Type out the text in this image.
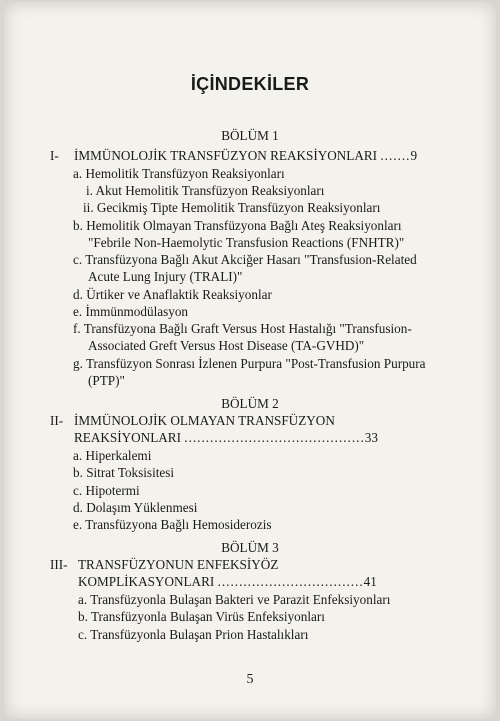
İÇİNDEKİLER
BÖLÜM 1
I- İMMÜNOLOJİK TRANSFÜZYON REAKSİYONLARI .......9
a. Hemolitik Transfüzyon Reaksiyonları
i. Akut Hemolitik Transfüzyon Reaksiyonları
ii. Gecikmiş Tipte Hemolitik Transfüzyon Reaksiyonları
b. Hemolitik Olmayan Transfüzyona Bağlı Ateş Reaksiyonları
"Febrile Non-Haemolytic Transfusion Reactions (FNHTR)"
c. Transfüzyona Bağlı Akut Akciğer Hasarı "Transfusion-Related
Acute Lung Injury (TRALI)"
d. Ürtiker ve Anaflaktik Reaksiyonlar
e. İmmünmodülasyon
f. Transfüzyona Bağlı Graft Versus Host Hastalığı "Transfusion-
Associated Greft Versus Host Disease (TA-GVHD)"
g. Transfüzyon Sonrası İzlenen Purpura "Post-Transfusion Purpura
(PTP)"
BÖLÜM 2
II- İMMÜNOLOJİK OLMAYAN TRANSFÜZYON
REAKSİYONLARI ..........................................33
a. Hiperkalemi
b. Sitrat Toksisitesi
c. Hipotermi
d. Dolaşım Yüklenmesi
e. Transfüzyona Bağlı Hemosiderozis
BÖLÜM 3
III- TRANSFÜZYONUN ENFEKSİYÖZ
KOMPLİKASYONLARI ..................................41
a. Transfüzyonla Bulaşan Bakteri ve Parazit Enfeksiyonları
b. Transfüzyonla Bulaşan Virüs Enfeksiyonları
c. Transfüzyonla Bulaşan Prion Hastalıkları
5
